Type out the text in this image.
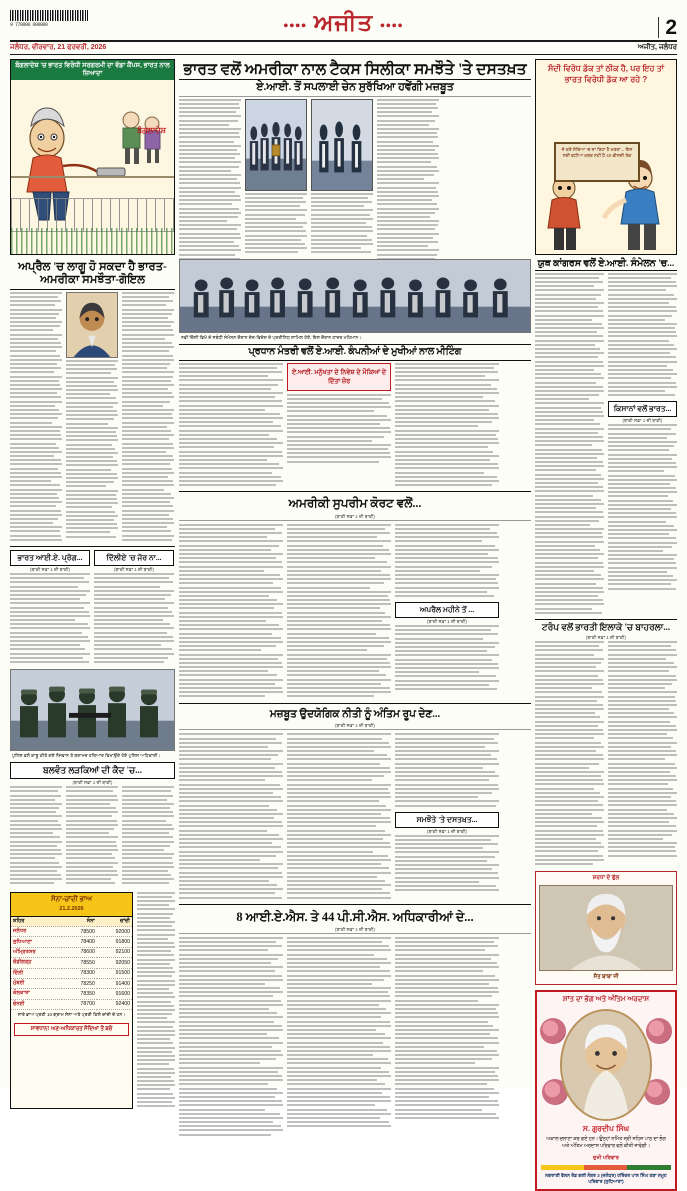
9 770000 000000	•••• ਅਜੀਤ ••••	2
ਜਲੰਧਰ, ਵੀਰਵਾਰ, 21 ਫਰਵਰੀ, 2026	ਅਜੀਤ, ਜਲੰਧਰ
ਬੰਗਲਾਦੇਸ਼ 'ਚ ਭਾਰਤ ਵਿਰੋਧੀ ਸਰਗਰਮੀ ਦਾ ਵੱਡਾ ਕੈਂਪਸ, ਭਾਰਤ ਨਾਲ ਜ਼ਿਆਦਾ
ਬੰਗਲਾਦੇਸ਼
ਭਾਰਤ ਵਲੋਂ ਅਮਰੀਕਾ ਨਾਲ ਟੈਕਸ ਸਿਲੀਕਾ ਸਮਝੌਤੇ 'ਤੇ ਦਸਤਖ਼ਤ
ਏ.ਆਈ. ਤੋਂ ਸਪਲਾਈ ਚੇਨ ਸੁਰੱਖਿਆ ਹਵੇਂਗੀ ਮਜ਼ਬੂਤ
ਸੰਦੀ ਵਿਰੋਧ ਡੱਕ ਤਾਂ ਠੀਕ ਹੈ, ਪਰ ਇਹ ਤਾਂ ਭਾਰਤ ਵਿਰੋਧੀ ਡੱਕ ਆ ਰਹੇ ?
ਜੇ ਕਰੋ ਸੋਚਿਆ 'ਚ ਜਾ ਰਿਹਾ ਹੈ ਖਤਰਾ... ਇਸ ਲਈ ਵਧੀਆ ਖ਼ਬਰ ਨਹੀਂ ਹੈ 40 ਫ਼ੀਸਦੀ ਤੱਕ
ਅਪ੍ਰੈਲ 'ਚ ਲਾਗੂ ਹੋ ਸਕਦਾ ਹੈ ਭਾਰਤ-ਅਮਰੀਕਾ ਸਮਝੌਤਾ-ਗੋਇਲ
ਭਾਰਤ ਆਈ.ਏ. ਪ੍ਰੋਗ...
(ਬਾਕੀ ਸਫ਼ਾ 1 ਦੀ ਬਾਕੀ)
ਦਿੱਲੀਏ 'ਚ ਜੋਰ ਨਾ...
(ਬਾਕੀ ਸਫ਼ਾ 1 ਦੀ ਬਾਕੀ)
ਪੁਲਿਸ ਵਲੋਂ ਕਾਬੂ ਕੀਤੇ ਗਏ ਨੌਜਵਾਨ ਤੇ ਬਰਾਮਦ ਹਥਿਆਰ ਵਿਖਾਉਂਦੇ ਹੋਏ ਪੁਲਿਸ ਅਧਿਕਾਰੀ।
ਬਲਵੰਤ ਲੜਕਿਆਂ ਦੀ ਕੈਦ 'ਚ...
(ਬਾਕੀ ਸਫ਼ਾ 1 ਦੀ ਬਾਕੀ)
ਸੋਨਾ-ਚਾਂਦੀ ਭਾਅ
21.2.2026
ਸ਼ਹਿਰ	ਸੋਨਾ	ਚਾਂਦੀ
ਜਲੰਧਰ	78500	92000
ਲੁਧਿਆਣਾ	78400	91800
ਅੰਮ੍ਰਿਤਸਰ	78600	92100
ਚੰਡੀਗੜ੍ਹ	78550	92050
ਦਿੱਲੀ	78300	91500
ਮੁੰਬਈ	78250	91400
ਕੋਲਕਾਤਾ	78350	91600
ਚੇਨਈ	78700	92400
ਸਾਰੇ ਭਾਅ ਪ੍ਰਤੀ 10 ਗ੍ਰਾਮ ਸੋਨਾ ਅਤੇ ਪ੍ਰਤੀ ਕਿਲੋ ਚਾਂਦੀ ਦੇ ਹਨ।
ਸਾਵਧਾਨ! ਅਣ-ਅਧਿਕਾਰਤ ਸੌਦਿਆਂ ਤੋਂ ਬਚੋ
ਨਵੀਂ ਦਿੱਲੀ ਵਿਖੇ ਦੋ ਸਬੰਧੀ ਸੰਮੇਲਨ ਦੌਰਾਨ ਦੇਸ਼-ਵਿਦੇਸ਼ ਦੇ ਪ੍ਰਤੀਨਿਧ ਸ਼ਾਮਿਲ ਹੋਏ, ਇਸ ਦੌਰਾਨ ਹਾਜ਼ਰ ਮਹਿਮਾਨ।
ਪ੍ਰਧਾਨ ਮੰਤਰੀ ਵਲੋਂ ਏ.ਆਈ. ਕੰਪਨੀਆਂ ਦੇ ਮੁਖੀਆਂ ਨਾਲ ਮੀਟਿੰਗ
ਏ.ਆਈ. ਮਨੁੱਖਤਾ ਦੇ ਨਿਵੇਸ਼ ਦੇ ਮੌਕਿਆਂ ਦੇ ਦਿੱਤਾ ਜ਼ੋਰ
ਅਮਰੀਕੀ ਸੁਪਰੀਮ ਕੋਰਟ ਵਲੋਂ...
(ਬਾਕੀ ਸਫ਼ਾ 1 ਦੀ ਬਾਕੀ)
ਅਪਰੈਲ ਮਹੀਨੇ ਤੋਂ ...
(ਬਾਕੀ ਸਫ਼ਾ 1 ਦੀ ਬਾਕੀ)
ਮਜ਼ਬੂਤ ਉਦਯੋਗਿਕ ਨੀਤੀ ਨੂੰ ਅੰਤਿਮ ਰੂਪ ਦੇਣ...
(ਬਾਕੀ ਸਫ਼ਾ 1 ਦੀ ਬਾਕੀ)
ਸਮਝੌਤੇ 'ਤੇ ਦਸਤਖ਼ਤ...
(ਬਾਕੀ ਸਫ਼ਾ 1 ਦੀ ਬਾਕੀ)
8 ਆਈ.ਏ.ਐਸ. ਤੇ 44 ਪੀ.ਸੀ.ਐਸ. ਅਧਿਕਾਰੀਆਂ ਦੇ...
(ਬਾਕੀ ਸਫ਼ਾ 1 ਦੀ ਬਾਕੀ)
ਯੁਥ ਕਾਂਗਰਸ ਵਲੋਂ ਏ.ਆਈ. ਸੰਮੇਲਨ 'ਚ...
ਕਿਸਾਨਾਂ ਵਲੋਂ ਭਾਰਤ...
(ਬਾਕੀ ਸਫ਼ਾ 1 ਦੀ ਬਾਕੀ)
ਟਰੰਪ ਵਲੋਂ ਭਾਰਤੀ ਇਲਾਕੇ 'ਚ ਬਾਹਰਲਾ...
(ਬਾਕੀ ਸਫ਼ਾ 1 ਦੀ ਬਾਕੀ)
ਸ਼ਰਧਾ ਦੇ ਫੁੱਲ
ਸੰਤ ਬਾਬਾ ਜੀ
ਸ਼ਾਂਤ ਦਾ ਭੋਗ ਅਤੇ ਅੰਤਿਮ ਅਰਦਾਸ
ਸ. ਗੁਰਦੀਪ ਸਿੰਘ
ਅਕਾਲ ਚਲਾਣਾ ਕਰ ਗਏ ਹਨ। ਉਨ੍ਹਾਂ ਨਮਿੱਤ ਸ੍ਰੀ ਸਹਿਜ ਪਾਠ ਦਾ ਭੋਗ ਅਤੇ ਅੰਤਿਮ ਅਰਦਾਸ ਪਰਿਵਾਰ ਵਲੋਂ ਕੀਤੀ ਜਾਵੇਗੀ।
ਦੁਖੀ ਪਰਿਵਾਰ
ਨਗਰਾਣੀ ਵੈਲਨ ਰੋਡ ਗਲੀ ਨੰਬਰ 3 (ਜਲੰਧਰ) ਹਰਿੰਦਰ ਪਾਲ ਸਿੰਘ ਤਥਾ ਸਮੂਹ ਪਰਿਵਾਰ (ਲੁਧਿਆਣਾ)
